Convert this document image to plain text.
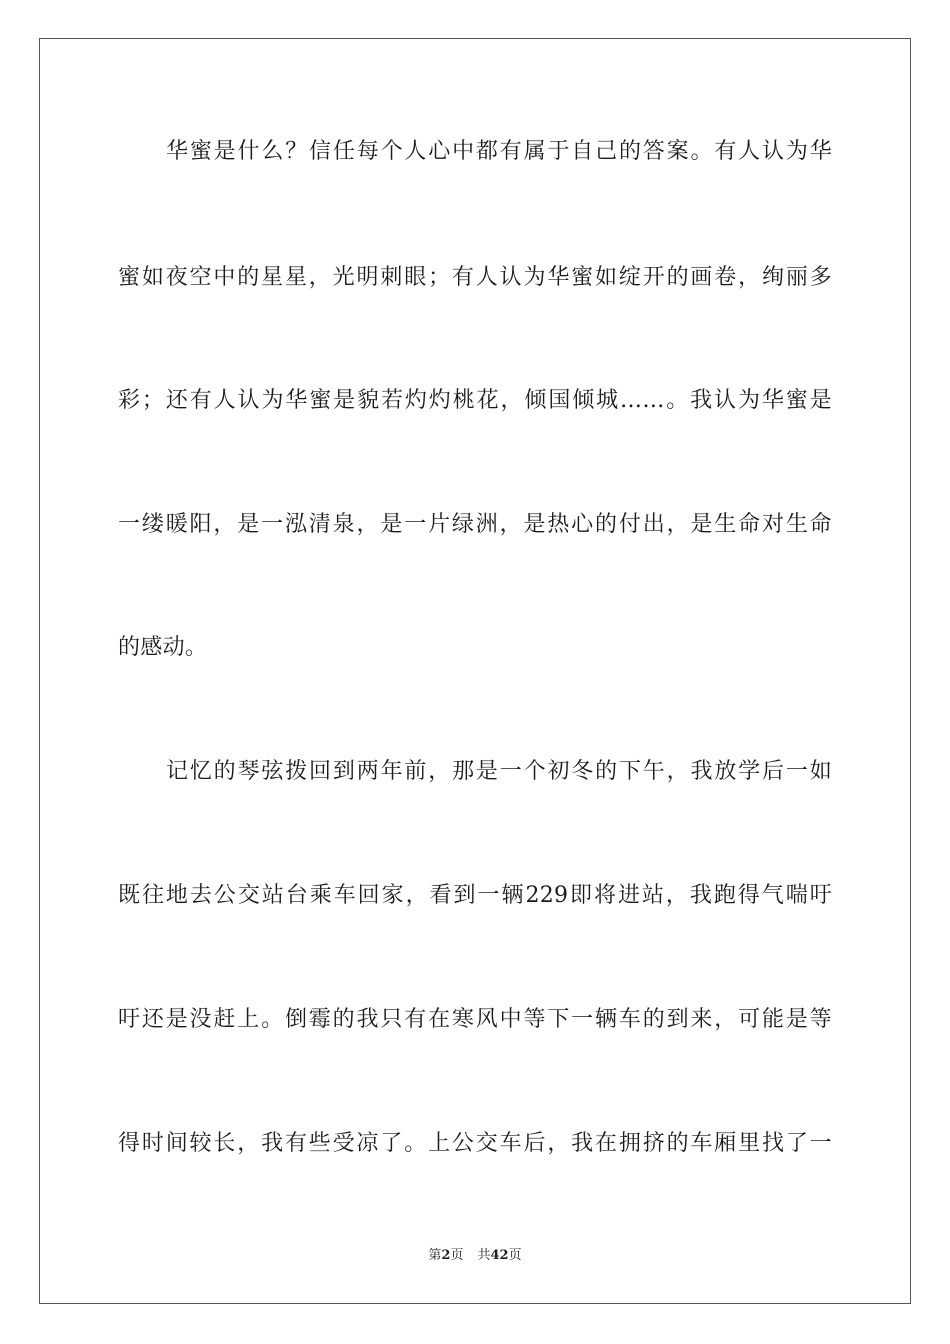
华蜜是什么？信任每个人心中都有属于自己的答案。有人认为华
蜜如夜空中的星星，光明刺眼；有人认为华蜜如绽开的画卷，绚丽多
彩；还有人认为华蜜是貌若灼灼桃花，倾国倾城……。我认为华蜜是
一缕暖阳，是一泓清泉，是一片绿洲，是热心的付出，是生命对生命
的感动。
记忆的琴弦拨回到两年前，那是一个初冬的下午，我放学后一如
既往地去公交站台乘车回家，看到一辆229即将进站，我跑得气喘吁
吁还是没赶上。倒霉的我只有在寒风中等下一辆车的到来，可能是等
得时间较长，我有些受凉了。上公交车后，我在拥挤的车厢里找了一
第2页 共42页
